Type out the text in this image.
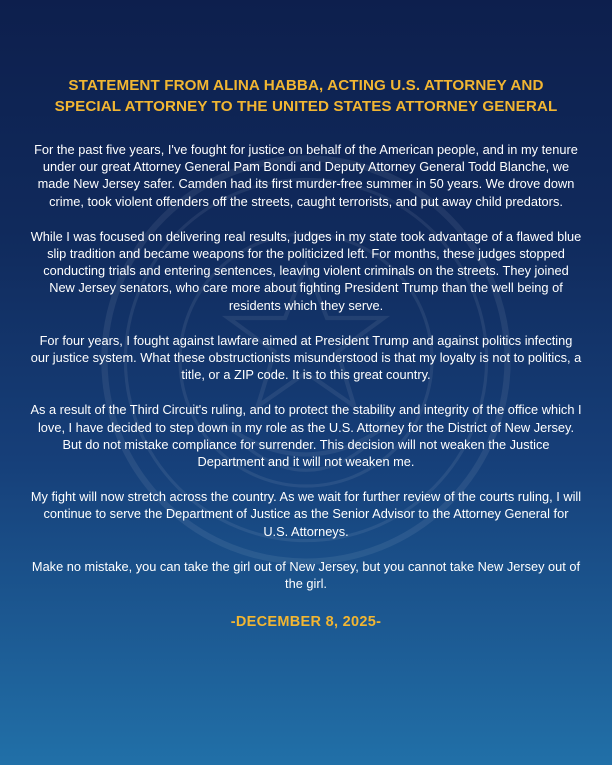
STATEMENT FROM ALINA HABBA, ACTING U.S. ATTORNEY AND
SPECIAL ATTORNEY TO THE UNITED STATES ATTORNEY GENERAL

For the past five years, I've fought for justice on behalf of the American people, and in my tenure under our great Attorney General Pam Bondi and Deputy Attorney General Todd Blanche, we made New Jersey safer. Camden had its first murder-free summer in 50 years. We drove down crime, took violent offenders off the streets, caught terrorists, and put away child predators.

While I was focused on delivering real results, judges in my state took advantage of a flawed blue slip tradition and became weapons for the politicized left. For months, these judges stopped conducting trials and entering sentences, leaving violent criminals on the streets. They joined New Jersey senators, who care more about fighting President Trump than the well being of residents which they serve.

For four years, I fought against lawfare aimed at President Trump and against politics infecting our justice system. What these obstructionists misunderstood is that my loyalty is not to politics, a title, or a ZIP code. It is to this great country.

As a result of the Third Circuit's ruling, and to protect the stability and integrity of the office which I love, I have decided to step down in my role as the U.S. Attorney for the District of New Jersey. But do not mistake compliance for surrender. This decision will not weaken the Justice Department and it will not weaken me.

My fight will now stretch across the country. As we wait for further review of the courts ruling, I will continue to serve the Department of Justice as the Senior Advisor to the Attorney General for U.S. Attorneys.

Make no mistake, you can take the girl out of New Jersey, but you cannot take New Jersey out of the girl.

-DECEMBER 8, 2025-
